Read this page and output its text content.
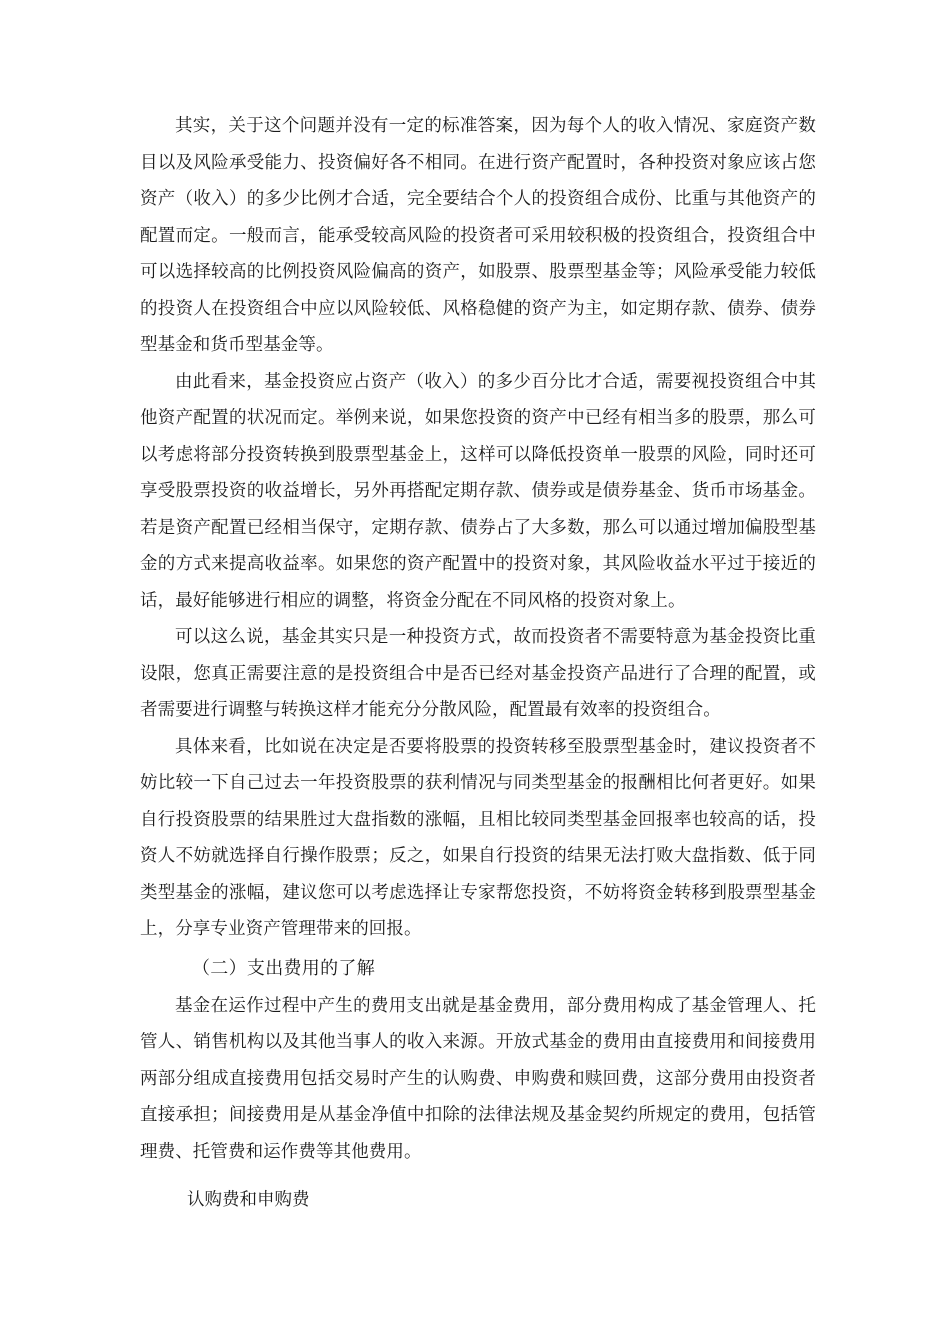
其实，关于这个问题并没有一定的标准答案，因为每个人的收入情况、家庭资产数目以及风险承受能力、投资偏好各不相同。在进行资产配置时，各种投资对象应该占您资产（收入）的多少比例才合适，完全要结合个人的投资组合成份、比重与其他资产的配置而定。一般而言，能承受较高风险的投资者可采用较积极的投资组合，投资组合中可以选择较高的比例投资风险偏高的资产，如股票、股票型基金等；风险承受能力较低的投资人在投资组合中应以风险较低、风格稳健的资产为主，如定期存款、债券、债券型基金和货币型基金等。

由此看来，基金投资应占资产（收入）的多少百分比才合适，需要视投资组合中其他资产配置的状况而定。举例来说，如果您投资的资产中已经有相当多的股票，那么可以考虑将部分投资转换到股票型基金上，这样可以降低投资单一股票的风险，同时还可享受股票投资的收益增长，另外再搭配定期存款、债券或是债券基金、货币市场基金。若是资产配置已经相当保守，定期存款、债券占了大多数，那么可以通过增加偏股型基金的方式来提高收益率。如果您的资产配置中的投资对象，其风险收益水平过于接近的话，最好能够进行相应的调整，将资金分配在不同风格的投资对象上。

可以这么说，基金其实只是一种投资方式，故而投资者不需要特意为基金投资比重设限，您真正需要注意的是投资组合中是否已经对基金投资产品进行了合理的配置，或者需要进行调整与转换这样才能充分分散风险，配置最有效率的投资组合。

具体来看，比如说在决定是否要将股票的投资转移至股票型基金时，建议投资者不妨比较一下自己过去一年投资股票的获利情况与同类型基金的报酬相比何者更好。如果自行投资股票的结果胜过大盘指数的涨幅，且相比较同类型基金回报率也较高的话，投资人不妨就选择自行操作股票；反之，如果自行投资的结果无法打败大盘指数、低于同类型基金的涨幅，建议您可以考虑选择让专家帮您投资，不妨将资金转移到股票型基金上，分享专业资产管理带来的回报。

（二）支出费用的了解

基金在运作过程中产生的费用支出就是基金费用，部分费用构成了基金管理人、托管人、销售机构以及其他当事人的收入来源。开放式基金的费用由直接费用和间接费用两部分组成直接费用包括交易时产生的认购费、申购费和赎回费，这部分费用由投资者直接承担；间接费用是从基金净值中扣除的法律法规及基金契约所规定的费用，包括管理费、托管费和运作费等其他费用。

认购费和申购费
